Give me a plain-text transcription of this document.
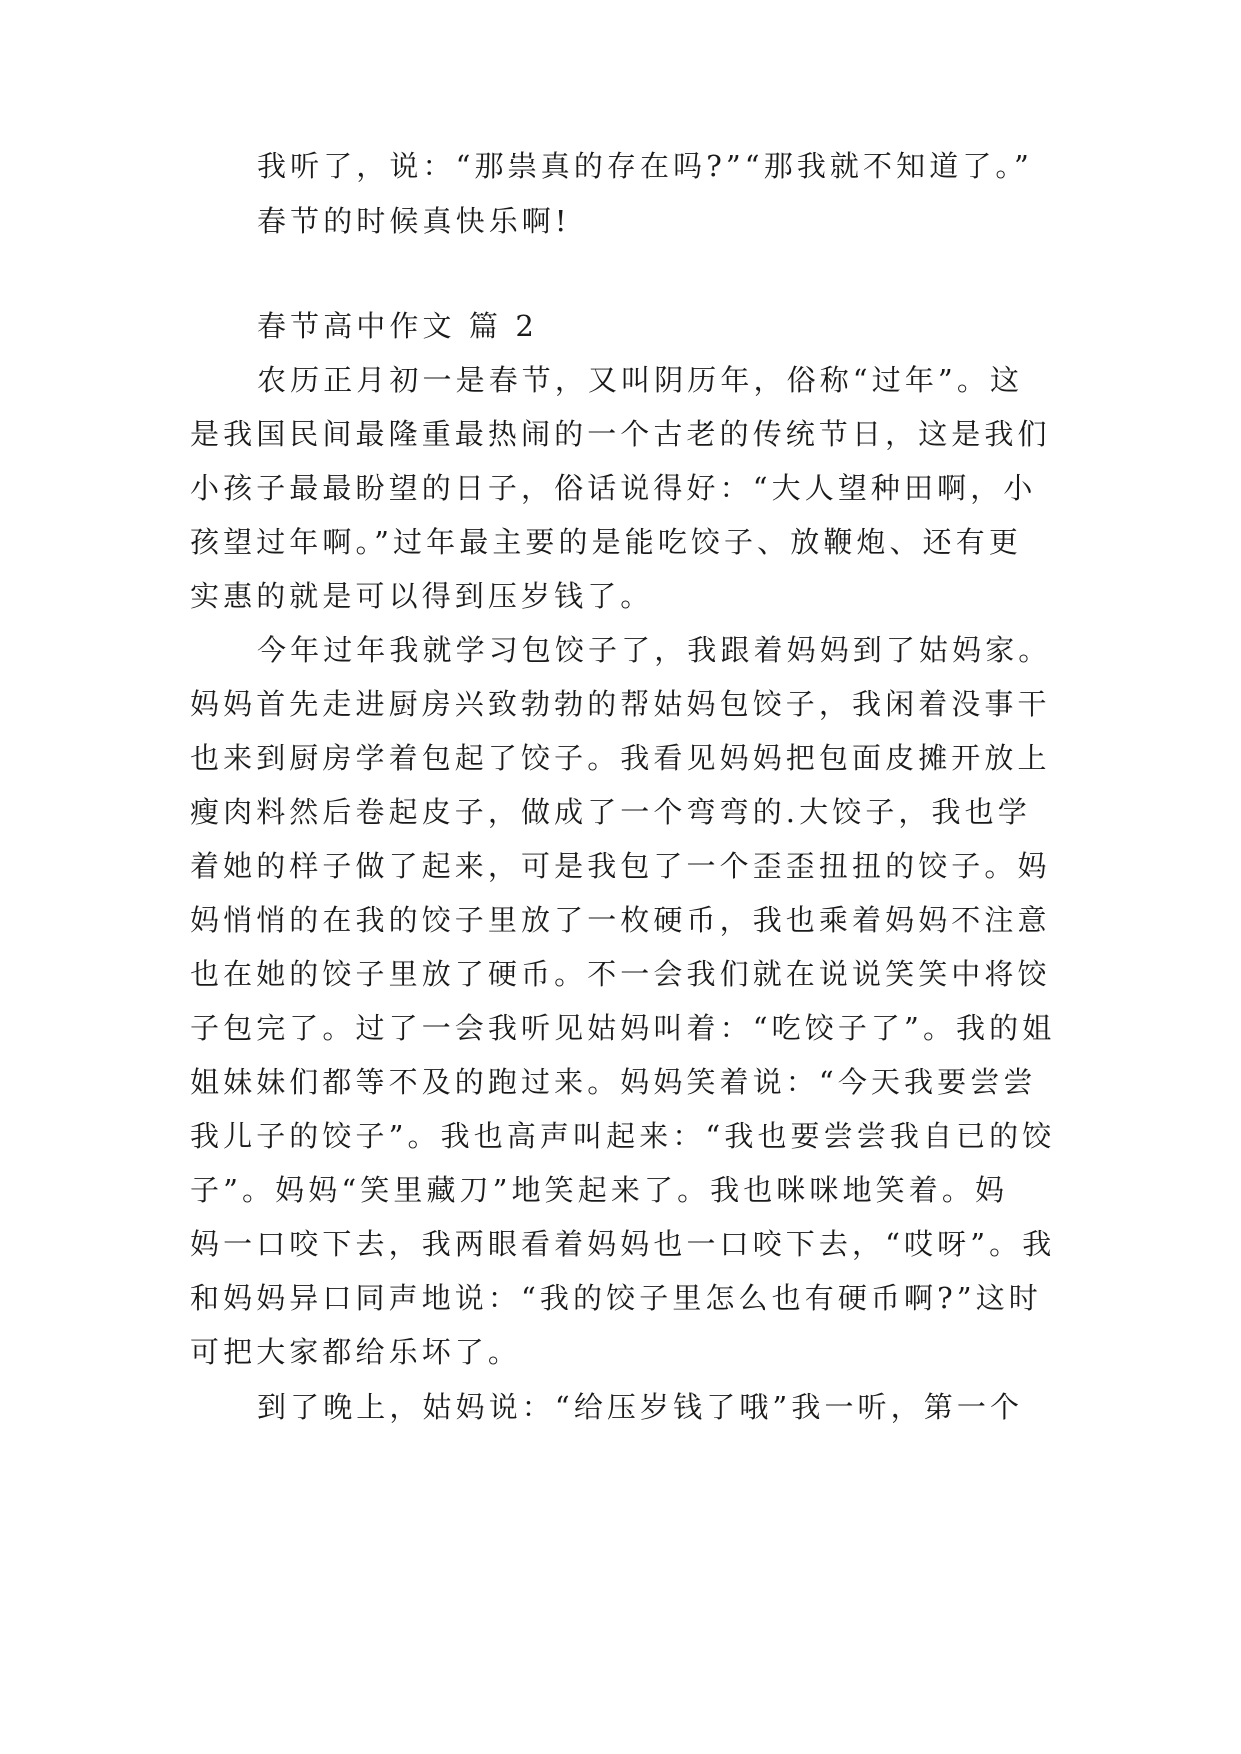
我听了，说：“那祟真的存在吗?”“那我就不知道了。”
春节的时候真快乐啊!
春节高中作文 篇 2
农历正月初一是春节，又叫阴历年，俗称“过年”。这
是我国民间最隆重最热闹的一个古老的传统节日，这是我们
小孩子最最盼望的日子，俗话说得好：“大人望种田啊，小
孩望过年啊。”过年最主要的是能吃饺子、放鞭炮、还有更
实惠的就是可以得到压岁钱了。
今年过年我就学习包饺子了，我跟着妈妈到了姑妈家。
妈妈首先走进厨房兴致勃勃的帮姑妈包饺子，我闲着没事干
也来到厨房学着包起了饺子。我看见妈妈把包面皮摊开放上
瘦肉料然后卷起皮子，做成了一个弯弯的.大饺子，我也学
着她的样子做了起来，可是我包了一个歪歪扭扭的饺子。妈
妈悄悄的在我的饺子里放了一枚硬币，我也乘着妈妈不注意
也在她的饺子里放了硬币。不一会我们就在说说笑笑中将饺
子包完了。过了一会我听见姑妈叫着：“吃饺子了”。我的姐
姐妹妹们都等不及的跑过来。妈妈笑着说：“今天我要尝尝
我儿子的饺子”。我也高声叫起来：“我也要尝尝我自已的饺
子”。妈妈“笑里藏刀”地笑起来了。我也咪咪地笑着。妈
妈一口咬下去，我两眼看着妈妈也一口咬下去，“哎呀”。我
和妈妈异口同声地说：“我的饺子里怎么也有硬币啊?”这时
可把大家都给乐坏了。
到了晚上，姑妈说：“给压岁钱了哦”我一听，第一个
